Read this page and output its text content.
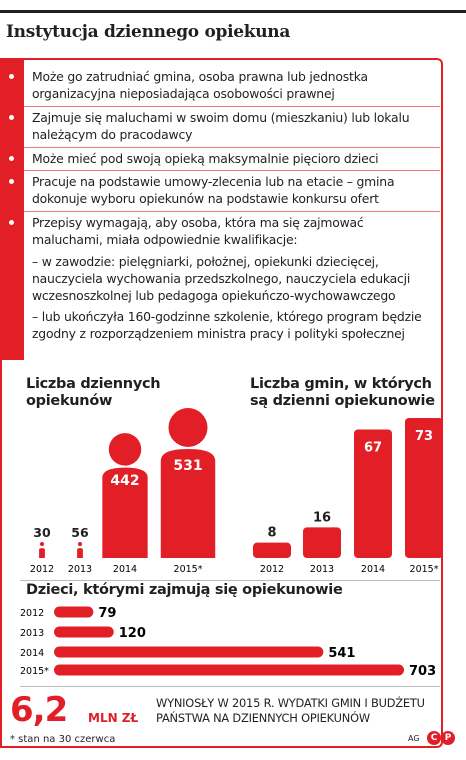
Instytucja dziennego opiekuna
Może go zatrudniać gmina, osoba prawna lub jednostka organizacyjna nieposiadająca osobowości prawnej
Zajmuje się maluchami w swoim domu (mieszkaniu) lub lokalu należącym do pracodawcy
Może mieć pod swoją opieką maksymalnie pięcioro dzieci
Pracuje na podstawie umowy-zlecenia lub na etacie – gmina dokonuje wyboru opiekunów na podstawie konkursu ofert
Przepisy wymagają, aby osoba, która ma się zajmować maluchami, miała odpowiednie kwalifikacje:
– w zawodzie: pielęgniarki, położnej, opiekunki dziecięcej, nauczyciela wychowania przedszkolnego, nauczyciela edukacji wczesnoszkolnej lub pedagoga opiekuńczo-wychowawczego
– lub ukończyła 160-godzinne szkolenie, którego program będzie zgodny z rozporządzeniem ministra pracy i polityki społecznej
Liczba dziennych opiekunów
30
2012
56
2013
442
2014
531
2015*
Liczba gmin, w których są dzienni opiekunowie
8
2012
16
2013
67
2014
73
2015*
Dzieci, którymi zajmują się opiekunowie
2012	79
2013	120
2014	541
2015*	703
6,2 MLN ZŁ
WYNIOSŁY W 2015 R. WYDATKI GMIN I BUDŻETU PAŃSTWA NA DZIENNYCH OPIEKUNÓW
* stan na 30 czerwca	AG	C P
